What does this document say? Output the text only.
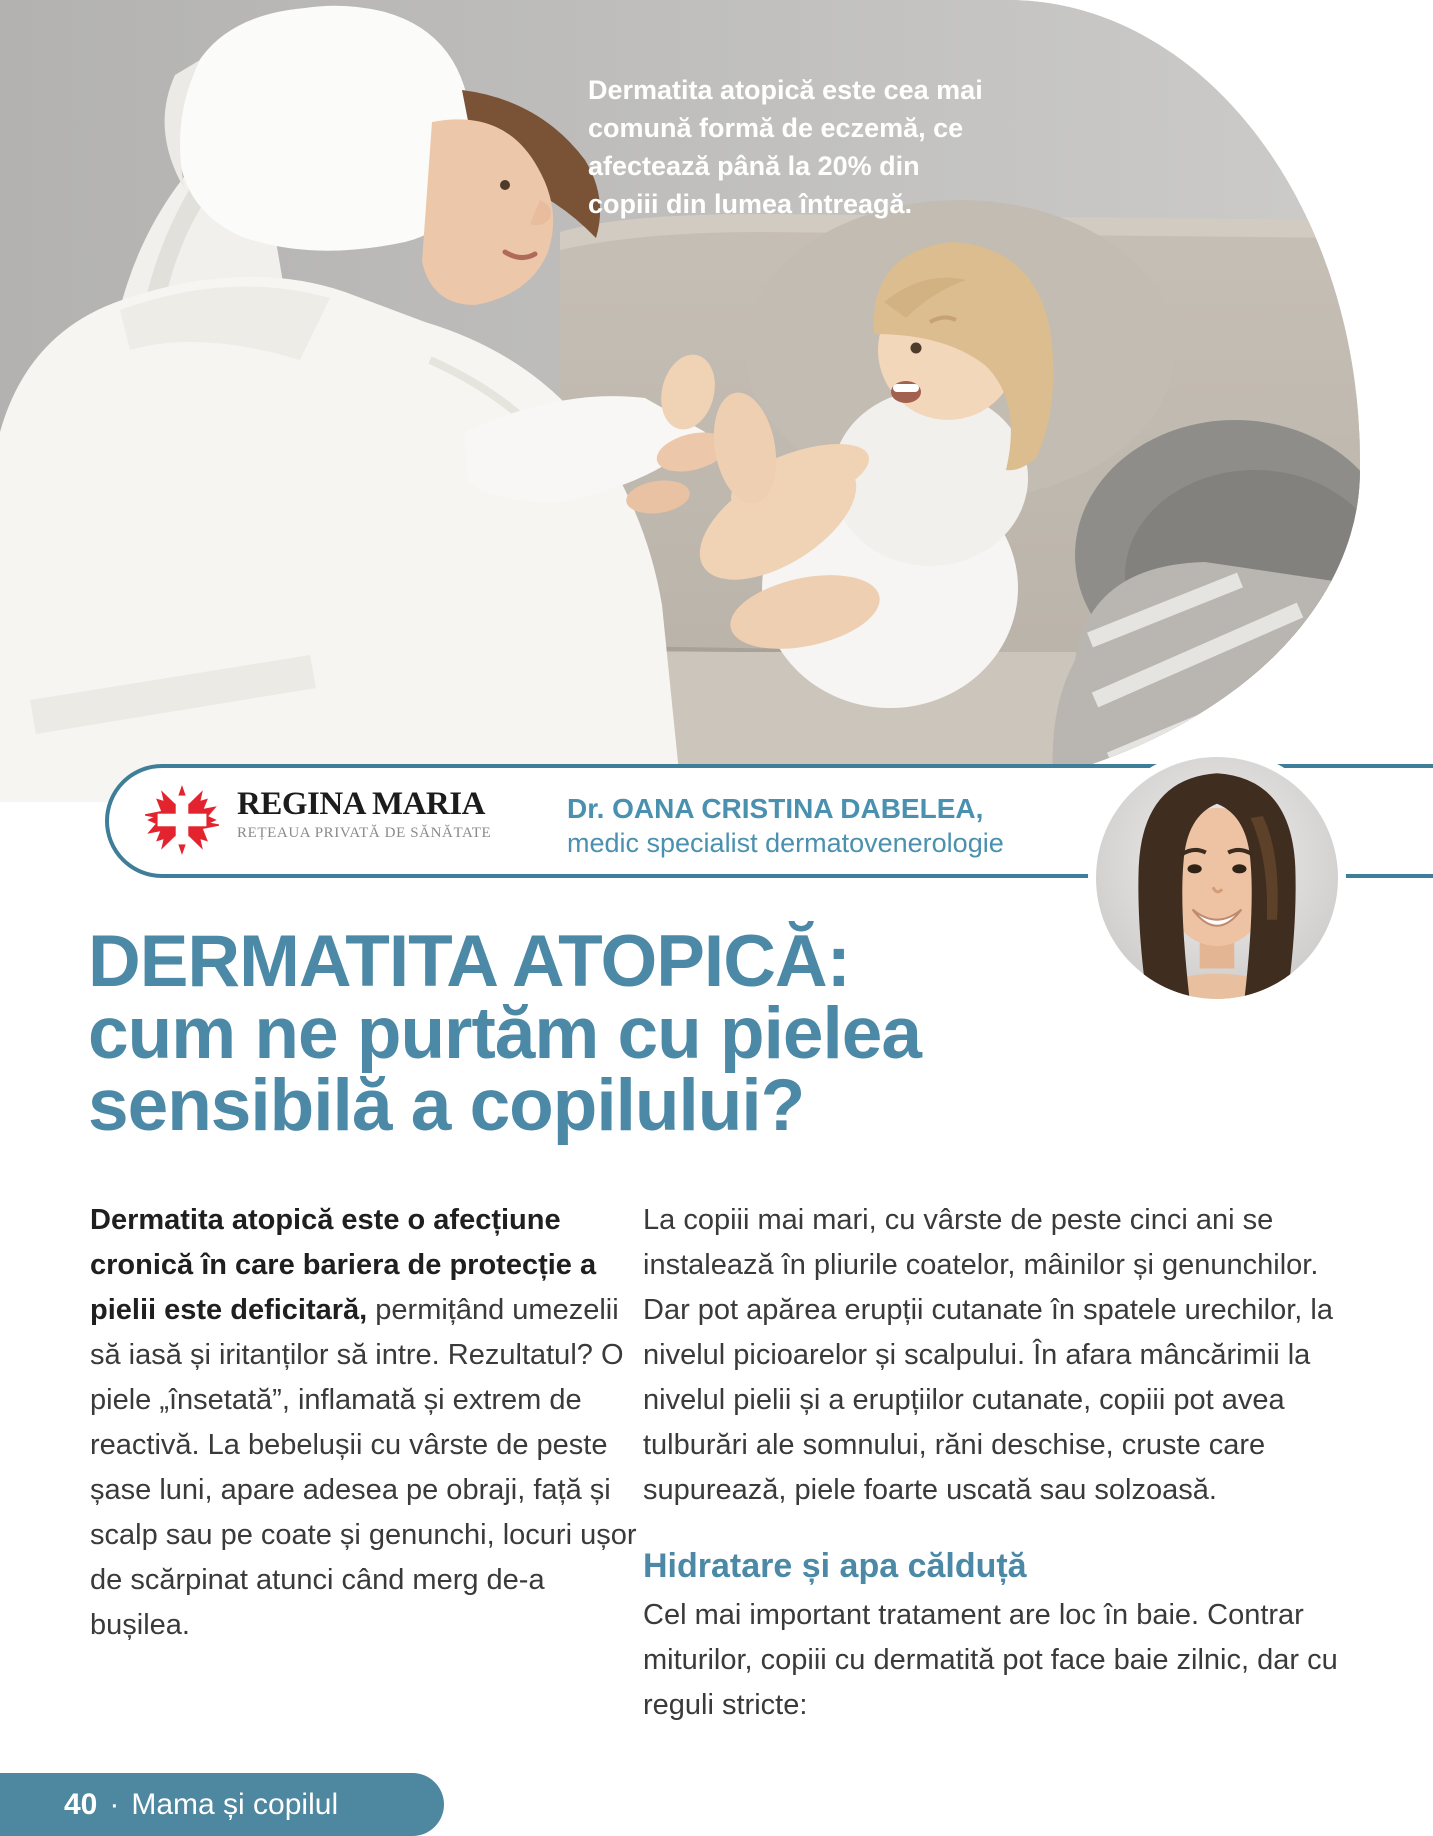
Dermatita atopică este cea mai comună formă de eczemă, ce afectează până la 20% din copiii din lumea întreagă.

REGINA MARIA
REȚEAUA PRIVATĂ DE SĂNĂTATE
Dr. OANA CRISTINA DABELEA,
medic specialist dermatovenerologie
DERMATITA ATOPICĂ:
cum ne purtăm cu pielea
sensibilă a copilului?

Dermatita atopică este o afecțiune cronică în care bariera de protecție a pielii este deficitară, permițând umezelii să iasă și iritanților să intre. Rezultatul? O piele „însetată”, inflamată și extrem de reactivă. La bebelușii cu vârste de peste șase luni, apare adesea pe obraji, față și scalp sau pe coate și genunchi, locuri ușor de scărpinat atunci când merg de-a bușilea.

La copiii mai mari, cu vârste de peste cinci ani se instalează în pliurile coatelor, mâinilor și genunchilor. Dar pot apărea erupții cutanate în spatele urechilor, la nivelul picioarelor și scalpului. În afara mâncărimii la nivelul pielii și a erupțiilor cutanate, copiii pot avea tulburări ale somnului, răni deschise, cruste care supurează, piele foarte uscată sau solzoasă.

Hidratare și apa călduță

Cel mai important tratament are loc în baie. Contrar miturilor, copiii cu dermatită pot face baie zilnic, dar cu reguli stricte:

40 · Mama și copilul
